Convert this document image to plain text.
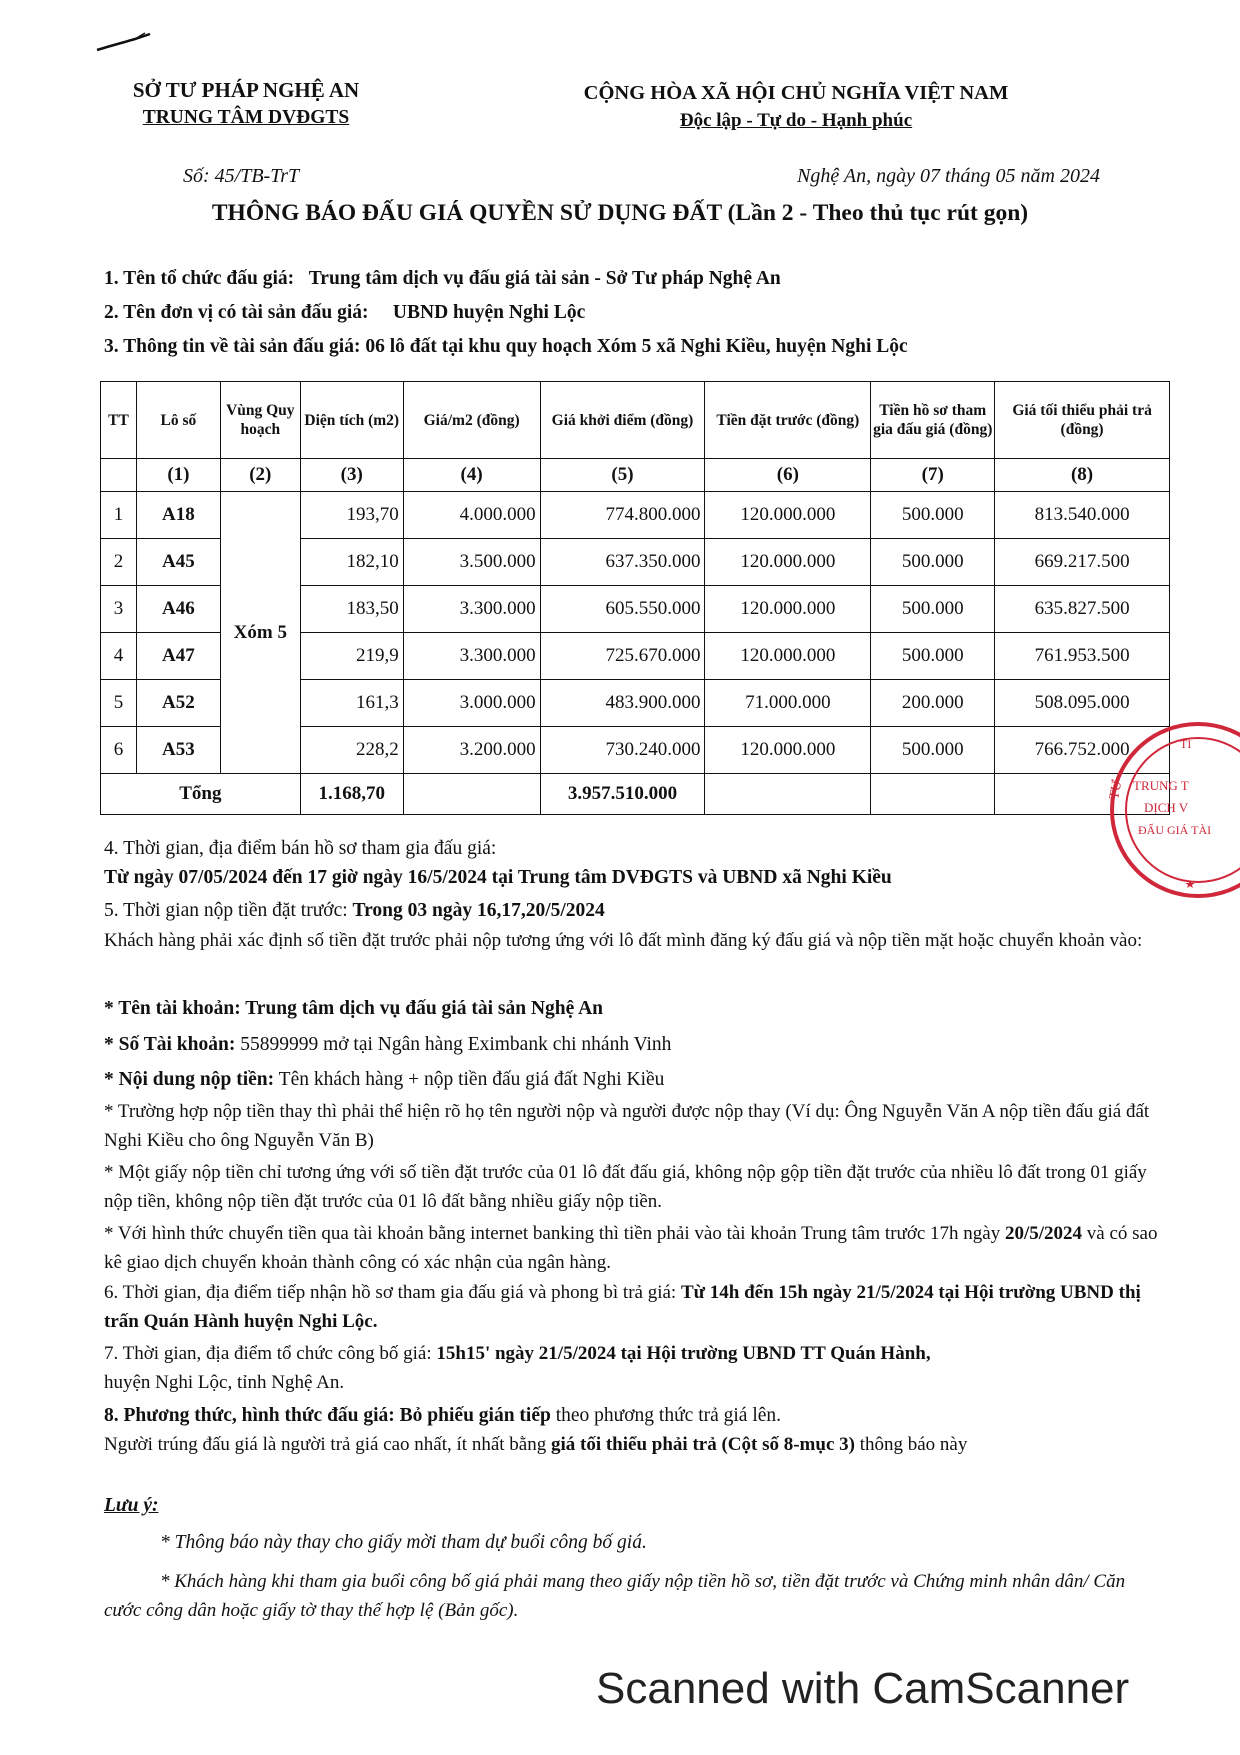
SỞ TƯ PHÁP NGHỆ AN
TRUNG TÂM DVĐGTS
CỘNG HÒA XÃ HỘI CHỦ NGHĨA VIỆT NAM
Độc lập - Tự do - Hạnh phúc
Số: 45/TB-TrT	Nghệ An, ngày 07 tháng 05 năm 2024
THÔNG BÁO ĐẤU GIÁ QUYỀN SỬ DỤNG ĐẤT (Lần 2 - Theo thủ tục rút gọn)
1. Tên tổ chức đấu giá: Trung tâm dịch vụ đấu giá tài sản - Sở Tư pháp Nghệ An
2. Tên đơn vị có tài sản đấu giá: UBND huyện Nghi Lộc
3. Thông tin về tài sản đấu giá: 06 lô đất tại khu quy hoạch Xóm 5 xã Nghi Kiều, huyện Nghi Lộc
TT	Lô số	Vùng Quy hoạch	Diện tích (m2)	Giá/m2 (đồng)	Giá khởi điểm (đồng)	Tiền đặt trước (đồng)	Tiền hồ sơ tham gia đấu giá (đồng)	Giá tối thiểu phải trả (đồng)
	(1)	(2)	(3)	(4)	(5)	(6)	(7)	(8)
1	A18	Xóm 5	193,70	4.000.000	774.800.000	120.000.000	500.000	813.540.000
2	A45		182,10	3.500.000	637.350.000	120.000.000	500.000	669.217.500
3	A46		183,50	3.300.000	605.550.000	120.000.000	500.000	635.827.500
4	A47		219,9	3.300.000	725.670.000	120.000.000	500.000	761.953.500
5	A52		161,3	3.000.000	483.900.000	71.000.000	200.000	508.095.000
6	A53		228,2	3.200.000	730.240.000	120.000.000	500.000	766.752.000
Tổng			1.168,70		3.957.510.000				TƯ
TỈ
TRUNG T
DỊCH V
ĐẤU GIÁ TÀI
4. Thời gian, địa điểm bán hồ sơ tham gia đấu giá:
Từ ngày 07/05/2024 đến 17 giờ ngày 16/5/2024 tại Trung tâm DVĐGTS và UBND xã Nghi Kiều
5. Thời gian nộp tiền đặt trước: Trong 03 ngày 16,17,20/5/2024
Khách hàng phải xác định số tiền đặt trước phải nộp tương ứng với lô đất mình đăng ký đấu giá và nộp tiền mặt hoặc chuyển khoản vào:
* Tên tài khoản: Trung tâm dịch vụ đấu giá tài sản Nghệ An
* Số Tài khoản: 55899999 mở tại Ngân hàng Eximbank chi nhánh Vinh
* Nội dung nộp tiền: Tên khách hàng + nộp tiền đấu giá đất Nghi Kiều
* Trường hợp nộp tiền thay thì phải thể hiện rõ họ tên người nộp và người được nộp thay (Ví dụ: Ông Nguyễn Văn A nộp tiền đấu giá đất Nghi Kiều cho ông Nguyễn Văn B)
* Một giấy nộp tiền chỉ tương ứng với số tiền đặt trước của 01 lô đất đấu giá, không nộp gộp tiền đặt trước của nhiều lô đất trong 01 giấy nộp tiền, không nộp tiền đặt trước của 01 lô đất bằng nhiều giấy nộp tiền.
* Với hình thức chuyển tiền qua tài khoản bằng internet banking thì tiền phải vào tài khoản Trung tâm trước 17h ngày 20/5/2024 và có sao kê giao dịch chuyển khoản thành công có xác nhận của ngân hàng.
6. Thời gian, địa điểm tiếp nhận hồ sơ tham gia đấu giá và phong bì trả giá: Từ 14h đến 15h ngày 21/5/2024 tại Hội trường UBND thị trấn Quán Hành huyện Nghi Lộc.
7. Thời gian, địa điểm tổ chức công bố giá: 15h15' ngày 21/5/2024 tại Hội trường UBND TT Quán Hành,
huyện Nghi Lộc, tỉnh Nghệ An.
8. Phương thức, hình thức đấu giá: Bỏ phiếu gián tiếp theo phương thức trả giá lên.
Người trúng đấu giá là người trả giá cao nhất, ít nhất bằng giá tối thiểu phải trả (Cột số 8-mục 3) thông báo này
Lưu ý:
* Thông báo này thay cho giấy mời tham dự buổi công bố giá.
* Khách hàng khi tham gia buổi công bố giá phải mang theo giấy nộp tiền hồ sơ, tiền đặt trước và Chứng minh nhân dân/ Căn cước công dân hoặc giấy tờ thay thế hợp lệ (Bản gốc).
Scanned with CamScanner
